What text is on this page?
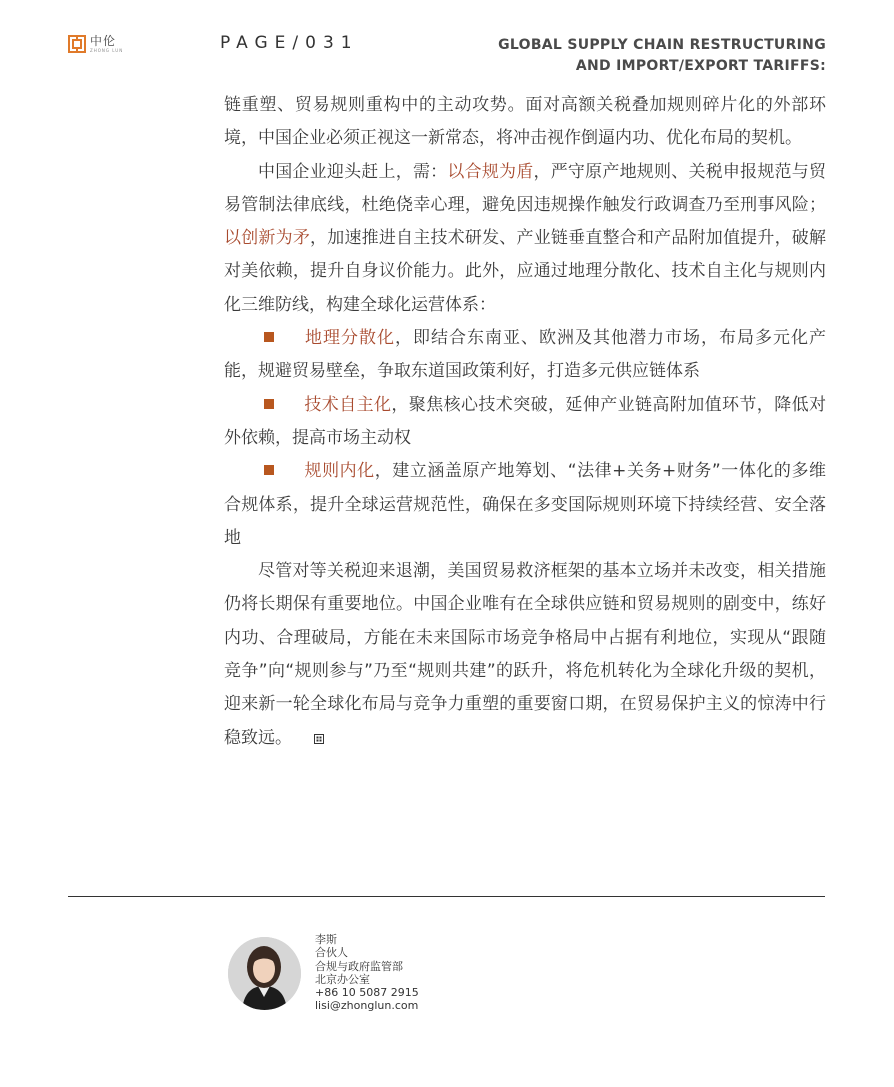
中伦
ZHONG LUN	PAGE/031	GLOBAL SUPPLY CHAIN RESTRUCTURING
AND IMPORT/EXPORT TARIFFS:

链重塑、贸易规则重构中的主动攻势。面对高额关税叠加规则碎片化的外部环境，中国企业必须正视这一新常态，将冲击视作倒逼内功、优化布局的契机。

中国企业迎头赶上，需：以合规为盾，严守原产地规则、关税申报规范与贸易管制法律底线，杜绝侥幸心理，避免因违规操作触发行政调查乃至刑事风险；以创新为矛，加速推进自主技术研发、产业链垂直整合和产品附加值提升，破解对美依赖，提升自身议价能力。此外，应通过地理分散化、技术自主化与规则内化三维防线，构建全球化运营体系：

地理分散化，即结合东南亚、欧洲及其他潜力市场，布局多元化产能，规避贸易壁垒，争取东道国政策利好，打造多元供应链体系

技术自主化，聚焦核心技术突破，延伸产业链高附加值环节，降低对外依赖，提高市场主动权

规则内化，建立涵盖原产地筹划、“法律+关务+财务”一体化的多维合规体系，提升全球运营规范性，确保在多变国际规则环境下持续经营、安全落地

尽管对等关税迎来退潮，美国贸易救济框架的基本立场并未改变，相关措施仍将长期保有重要地位。中国企业唯有在全球供应链和贸易规则的剧变中，练好内功、合理破局，方能在未来国际市场竞争格局中占据有利地位，实现从“跟随竞争”向“规则参与”乃至“规则共建”的跃升，将危机转化为全球化升级的契机，迎来新一轮全球化布局与竞争力重塑的重要窗口期，在贸易保护主义的惊涛中行稳致远。

李斯
合伙人
合规与政府监管部
北京办公室
+86 10 5087 2915
lisi@zhonglun.com
